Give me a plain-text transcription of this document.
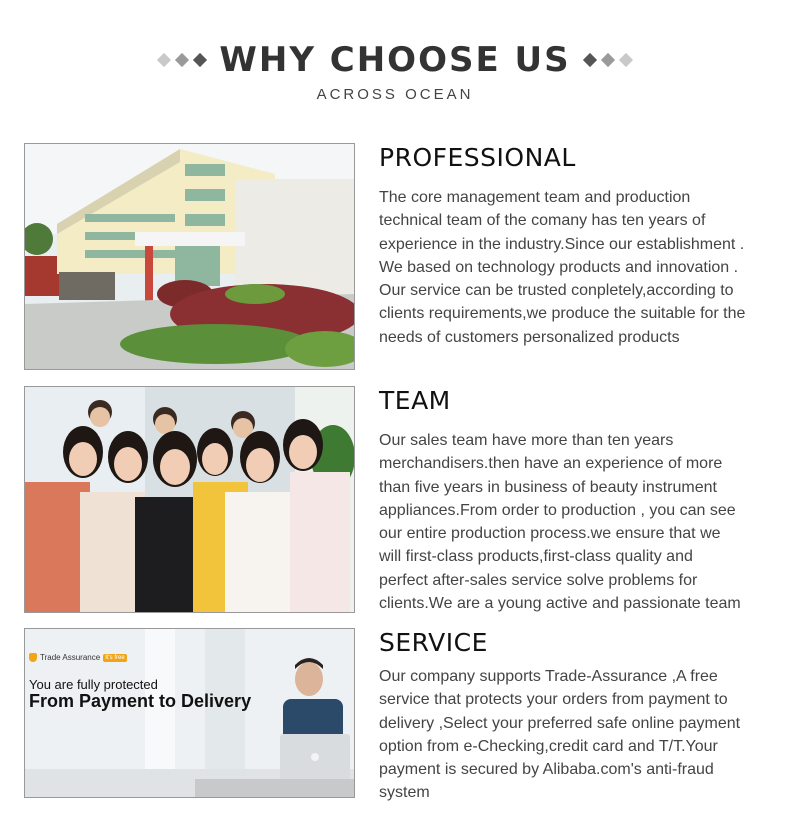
WHY CHOOSE US
ACROSS OCEAN
PROFESSIONAL
The core management team and production
technical team of the comany has ten years of
experience in the industry.Since our establishment .
We based on technology products and innovation .
Our service can be trusted conpletely,according to
clients requirements,we produce the suitable for the
needs of customers personalized products
TEAM
Our sales team have more than ten years
merchandisers.then have an experience of more
than five years in business of beauty instrument
appliances.From order to production , you can see
our entire production process.we ensure that we
will first-class products,first-class quality and
perfect after-sales service solve problems for
clients.We are a young active and passionate team
Trade Assurance It's free
You are fully protected
From Payment to Delivery
SERVICE
Our company supports Trade-Assurance ,A free
service that protects your orders from payment to
delivery ,Select your preferred safe online payment
option from e-Checking,credit card and T/T.Your
payment is secured by Alibaba.com's anti-fraud
system
